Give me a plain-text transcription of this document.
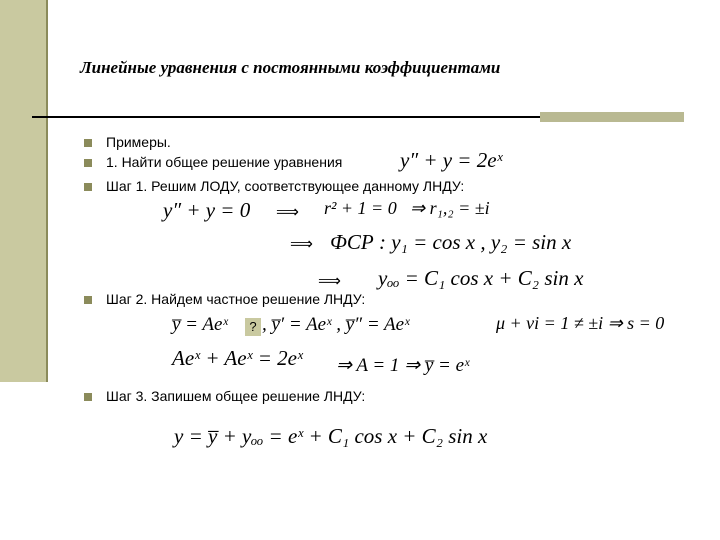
Линейные уравнения с постоянными коэффициентами
Примеры.
1. Найти общее решение уравнения
Шаг 1. Решим ЛОДУ, соответствующее данному ЛНДУ:
Шаг 2. Найдем частное решение ЛНДУ:
Шаг 3. Запишем общее решение ЛНДУ:
y″ + y = 2eˣ
y″ + y = 0 ⟹ r² + 1 = 0 ⇒ r₁,₂ = ±i
⟹ ФСР : y₁ = cos x , y₂ = sin x
⟹ yₒₒ = C₁ cos x + C₂ sin x
y̅ = Aeˣ	? , y̅′ = Aeˣ , y̅″ = Aeˣ	μ + νi = 1 ≠ ±i ⇒ s = 0
Aeˣ + Aeˣ = 2eˣ ⇒ A = 1 ⇒ y̅ = eˣ
y = y̅ + yₒₒ = eˣ + C₁ cos x + C₂ sin x
